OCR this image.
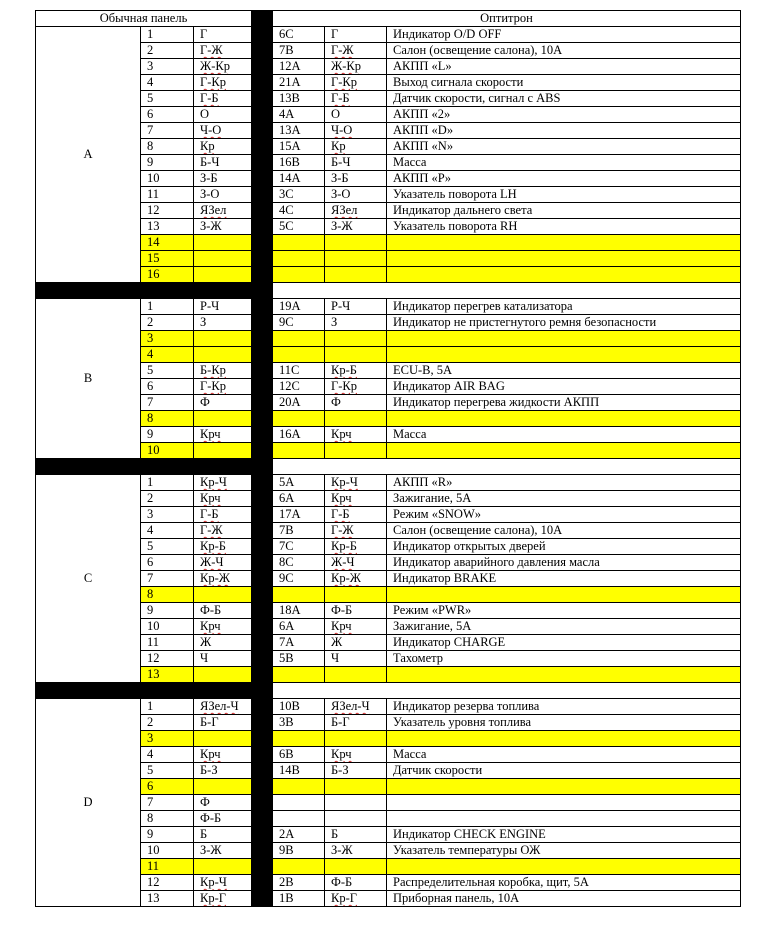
Обычная панель	Оптитрон
A
1	Г	6C	Г	Индикатор O/D OFF
2	Г-Ж	7B	Г-Ж	Салон (освещение салона), 10A
3	Ж-Кр	12A	Ж-Кр	АКПП «L»
4	Г-Кр	21A	Г-Кр	Выход сигнала скорости
5	Г-Б	13B	Г-Б	Датчик скорости, сигнал с ABS
6	О	4A	О	АКПП «2»
7	Ч-О	13A	Ч-О	АКПП «D»
8	Кр	15A	Кр	АКПП «N»
9	Б-Ч	16B	Б-Ч	Масса
10	З-Б	14A	З-Б	АКПП «P»
11	З-О	3C	З-О	Указатель поворота LH
12	ЯЗел	4C	ЯЗел	Индикатор дальнего света
13	З-Ж	5C	З-Ж	Указатель поворота RH
14
15
16
B
1	Р-Ч	19A	Р-Ч	Индикатор перегрев катализатора
2	З	9C	З	Индикатор не пристегнутого ремня безопасности
3
4
5	Б-Кр	11C	Кр-Б	ECU-B, 5A
6	Г-Кр	12C	Г-Кр	Индикатор AIR BAG
7	Ф	20A	Ф	Индикатор перегрева жидкости АКПП
8
9	Крч	16A	Крч	Масса
10
C
1	Кр-Ч	5A	Кр-Ч	АКПП «R»
2	Крч	6A	Крч	Зажигание, 5A
3	Г-Б	17A	Г-Б	Режим «SNOW»
4	Г-Ж	7B	Г-Ж	Салон (освещение салона), 10A
5	Кр-Б	7C	Кр-Б	Индикатор открытых дверей
6	Ж-Ч	8C	Ж-Ч	Индикатор аварийного давления масла
7	Кр-Ж	9C	Кр-Ж	Индикатор BRAKE
8
9	Ф-Б	18A	Ф-Б	Режим «PWR»
10	Крч	6A	Крч	Зажигание, 5A
11	Ж	7A	Ж	Индикатор CHARGE
12	Ч	5B	Ч	Тахометр
13
D
1	ЯЗел-Ч	10B	ЯЗел-Ч	Индикатор резерва топлива
2	Б-Г	3B	Б-Г	Указатель уровня топлива
3
4	Крч	6B	Крч	Масса
5	Б-З	14B	Б-З	Датчик скорости
6
7	Ф
8	Ф-Б
9	Б	2A	Б	Индикатор CHECK ENGINE
10	З-Ж	9B	З-Ж	Указатель температуры ОЖ
11
12	Кр-Ч	2B	Ф-Б	Распределительная коробка, щит, 5A
13	Кр-Г	1B	Кр-Г	Приборная панель, 10A
